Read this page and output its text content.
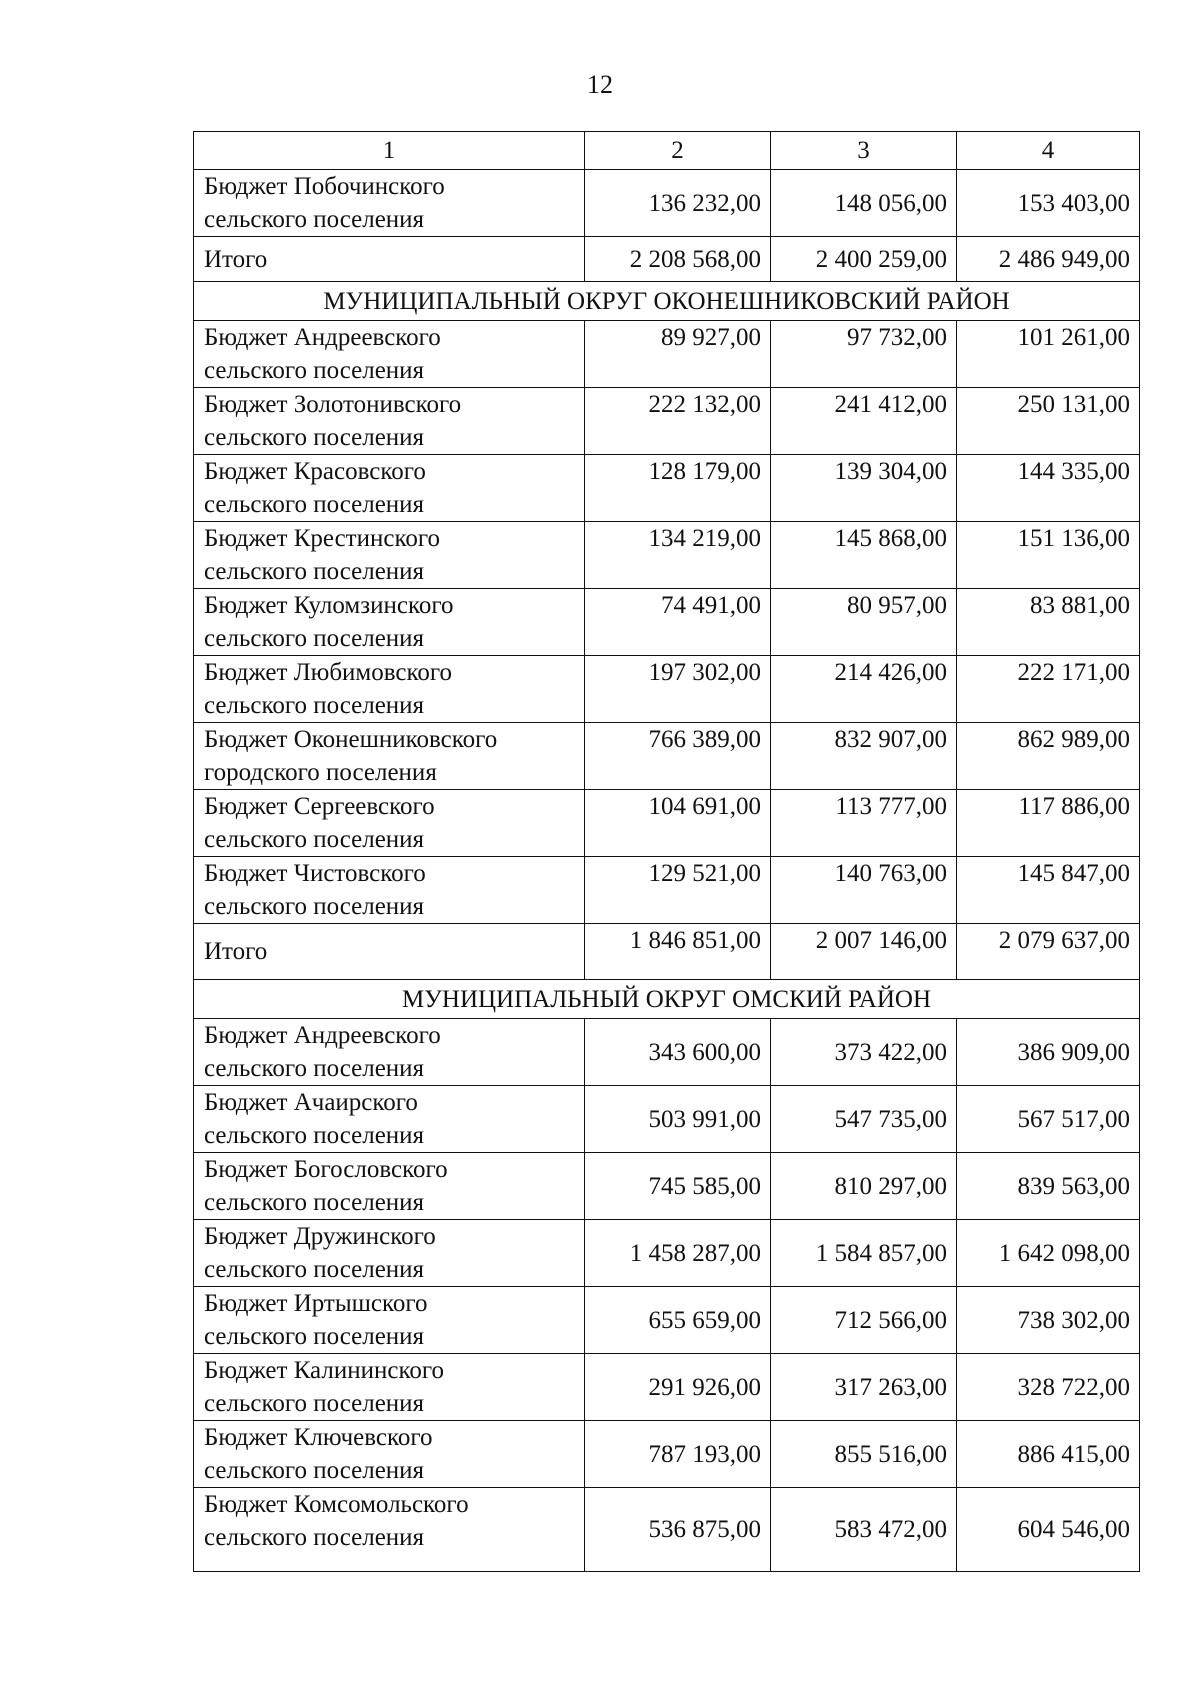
12
1	2	3	4

Бюджет Побочинского
сельского поселения	136 232,00	148 056,00	153 403,00

Итого	2 208 568,00	2 400 259,00	2 486 949,00
МУНИЦИПАЛЬНЫЙ ОКРУГ ОКОНЕШНИКОВСКИЙ РАЙОН			

Бюджет Андреевского
сельского поселения	89 927,00	97 732,00	101 261,00

Бюджет Золотонивского
сельского поселения	222 132,00	241 412,00	250 131,00

Бюджет Красовского
сельского поселения	128 179,00	139 304,00	144 335,00

Бюджет Крестинского
сельского поселения	134 219,00	145 868,00	151 136,00

Бюджет Куломзинского
сельского поселения	74 491,00	80 957,00	83 881,00

Бюджет Любимовского
сельского поселения	197 302,00	214 426,00	222 171,00

Бюджет Оконешниковского
городского поселения	766 389,00	832 907,00	862 989,00

Бюджет Сергеевского
сельского поселения	104 691,00	113 777,00	117 886,00

Бюджет Чистовского
сельского поселения	129 521,00	140 763,00	145 847,00

Итого	1 846 851,00	2 007 146,00	2 079 637,00
МУНИЦИПАЛЬНЫЙ ОКРУГ ОМСКИЙ РАЙОН			

Бюджет Андреевского
сельского поселения	343 600,00	373 422,00	386 909,00

Бюджет Ачаирского
сельского поселения	503 991,00	547 735,00	567 517,00

Бюджет Богословского
сельского поселения	745 585,00	810 297,00	839 563,00

Бюджет Дружинского
сельского поселения	1 458 287,00	1 584 857,00	1 642 098,00

Бюджет Иртышского
сельского поселения	655 659,00	712 566,00	738 302,00

Бюджет Калининского
сельского поселения	291 926,00	317 263,00	328 722,00

Бюджет Ключевского
сельского поселения	787 193,00	855 516,00	886 415,00

Бюджет Комсомольского
сельского поселения	536 875,00	583 472,00	604 546,00
